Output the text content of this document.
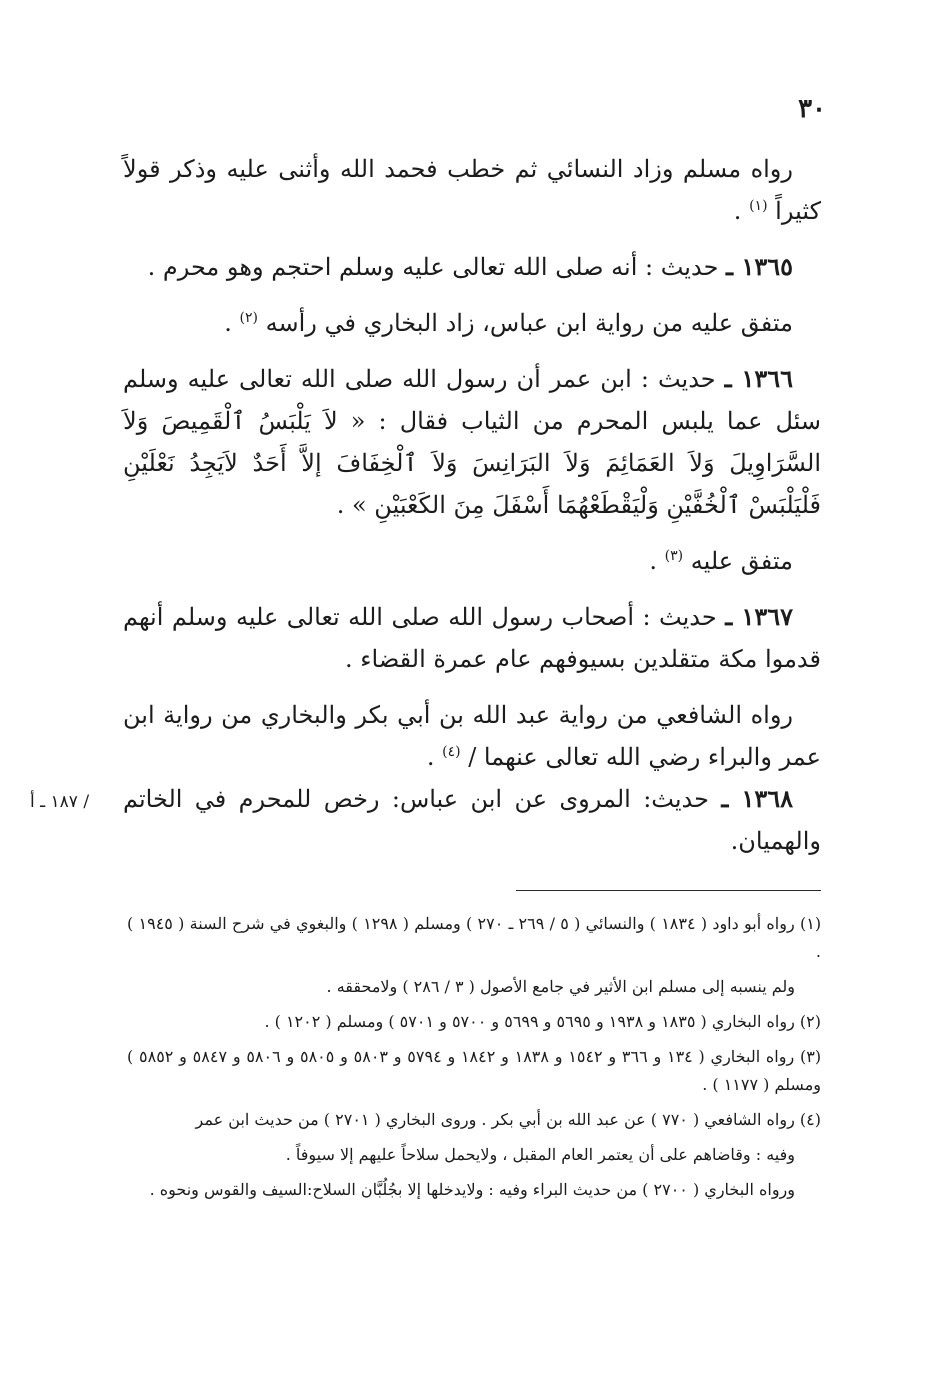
٣٠
/ ١٨٧ ـ أ

رواه مسلم وزاد النسائي ثم خطب فحمد الله وأثنى عليه وذكر قولاً كثيراً $^{(١)}$ .

١٣٦٥ ـ حديث : أنه صلى الله تعالى عليه وسلم احتجم وهو محرم .

متفق عليه من رواية ابن عباس، زاد البخاري في رأسه $^{(٢)}$ .

١٣٦٦ ـ حديث : ابن عمر أن رسول الله صلى الله تعالى عليه وسلم سئل عما يلبس المحرم من الثياب فقال : « لاَ يَلْبَسُ ٱلْقَمِيصَ وَلاَ السَّرَاوِيلَ وَلاَ العَمَائِمَ وَلاَ البَرَانِسَ وَلاَ ٱلْخِفَافَ إلاَّ أَحَدٌ لاَيَجِدُ نَعْلَيْنِ فَلْيَلْبَسْ ٱلْخُفَّيْنِ وَلْيَقْطَعْهُمَا أَسْفَلَ مِنَ الكَعْبَيْنِ » .

متفق عليه $^{(٣)}$ .

١٣٦٧ ـ حديث : أصحاب رسول الله صلى الله تعالى عليه وسلم أنهم قدموا مكة متقلدين بسيوفهم عام عمرة القضاء .

رواه الشافعي من رواية عبد الله بن أبي بكر والبخاري من رواية ابن عمر والبراء رضي الله تعالى عنهما / $^{(٤)}$ .

١٣٦٨ ـ حديث: المروى عن ابن عباس: رخص للمحرم في الخاتم والهميان.

(١) رواه أبو داود ( ١٨٣٤ ) والنسائي ( ٥ / ٢٦٩ ـ ٢٧٠ ) ومسلم ( ١٢٩٨ ) والبغوي في شرح السنة ( ١٩٤٥ ) .

ولم ينسبه إلى مسلم ابن الأثير في جامع الأصول ( ٣ / ٢٨٦ ) ولامحققه .

(٢) رواه البخاري ( ١٨٣٥ و ١٩٣٨ و ٥٦٩٥ و ٥٦٩٩ و ٥٧٠٠ و ٥٧٠١ ) ومسلم ( ١٢٠٢ ) .

(٣) رواه البخاري ( ١٣٤ و ٣٦٦ و ١٥٤٢ و ١٨٣٨ و ١٨٤٢ و ٥٧٩٤ و ٥٨٠٣ و ٥٨٠٥ و ٥٨٠٦ و ٥٨٤٧ و ٥٨٥٢ ) ومسلم ( ١١٧٧ ) .

(٤) رواه الشافعي ( ٧٧٠ ) عن عبد الله بن أبي بكر . وروى البخاري ( ٢٧٠١ ) من حديث ابن عمر

وفيه : وقاضاهم على أن يعتمر العام المقبل ، ولايحمل سلاحاً عليهم إلا سيوفاً .

ورواه البخاري ( ٢٧٠٠ ) من حديث البراء وفيه : ولايدخلها إلا بجُلُبَّان السلاح:السيف والقوس ونحوه .
